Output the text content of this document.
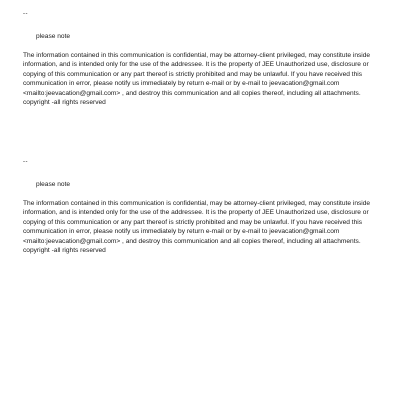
--
please note
The information contained in this communication is confidential, may be attorney-client privileged, may constitute inside information, and is intended only for the use of the addressee. It is the property of JEE Unauthorized use, disclosure or copying of this communication or any part thereof is strictly prohibited and may be unlawful. If you have received this communication in error, please notify us immediately by return e-mail or by e-mail to jeevacation@gmail.com <mailto:jeevacation@gmail.com> , and destroy this communication and all copies thereof, including all attachments. copyright -all rights reserved
--
please note
The information contained in this communication is confidential, may be attorney-client privileged, may constitute inside information, and is intended only for the use of the addressee. It is the property of JEE Unauthorized use, disclosure or copying of this communication or any part thereof is strictly prohibited and may be unlawful. If you have received this communication in error, please notify us immediately by return e-mail or by e-mail to jeevacation@gmail.com <mailto:jeevacation@gmail.com> , and destroy this communication and all copies thereof, including all attachments. copyright -all rights reserved
